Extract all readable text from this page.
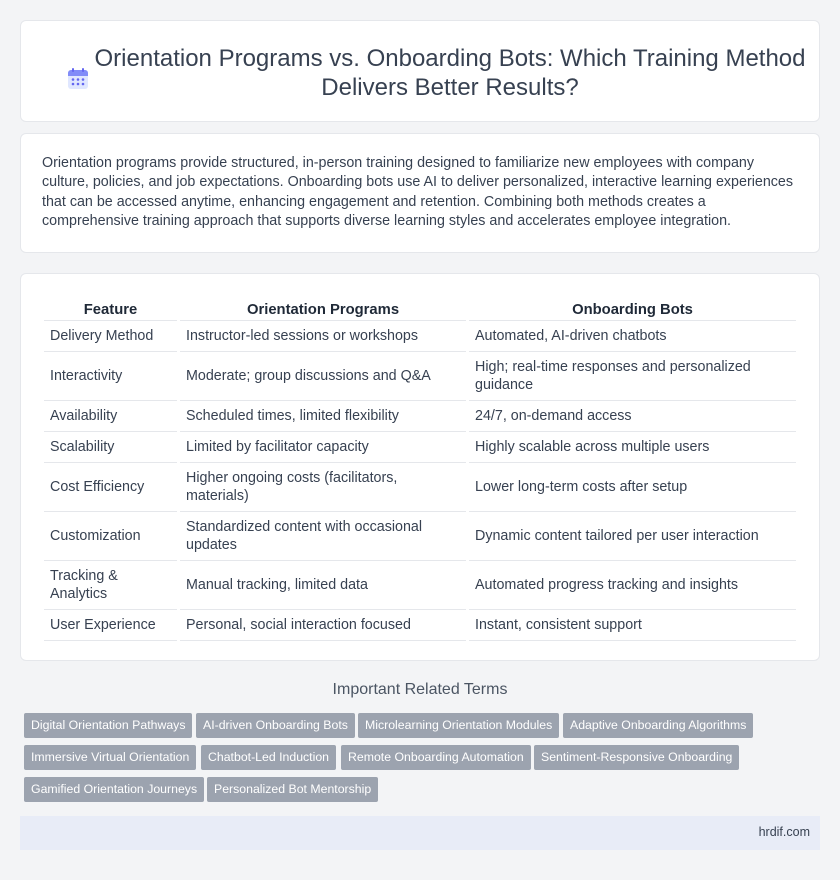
Orientation Programs vs. Onboarding Bots: Which Training Method Delivers Better Results?

Orientation programs provide structured, in-person training designed to familiarize new employees with company culture, policies, and job expectations. Onboarding bots use AI to deliver personalized, interactive learning experiences that can be accessed anytime, enhancing engagement and retention. Combining both methods creates a comprehensive training approach that supports diverse learning styles and accelerates employee integration.

Feature	Orientation Programs	Onboarding Bots
Delivery Method	Instructor-led sessions or workshops	Automated, AI-driven chatbots
Interactivity	Moderate; group discussions and Q&A	High; real-time responses and personalized guidance
Availability	Scheduled times, limited flexibility	24/7, on-demand access
Scalability	Limited by facilitator capacity	Highly scalable across multiple users
Cost Efficiency	Higher ongoing costs (facilitators, materials)	Lower long-term costs after setup
Customization	Standardized content with occasional updates	Dynamic content tailored per user interaction
Tracking & Analytics	Manual tracking, limited data	Automated progress tracking and insights
User Experience	Personal, social interaction focused	Instant, consistent support
Important Related Terms
Digital Orientation Pathways	AI-driven Onboarding Bots	Microlearning Orientation Modules	Adaptive Onboarding Algorithms
Immersive Virtual Orientation	Chatbot-Led Induction	Remote Onboarding Automation	Sentiment-Responsive Onboarding
Gamified Orientation Journeys	Personalized Bot Mentorship
hrdif.com
